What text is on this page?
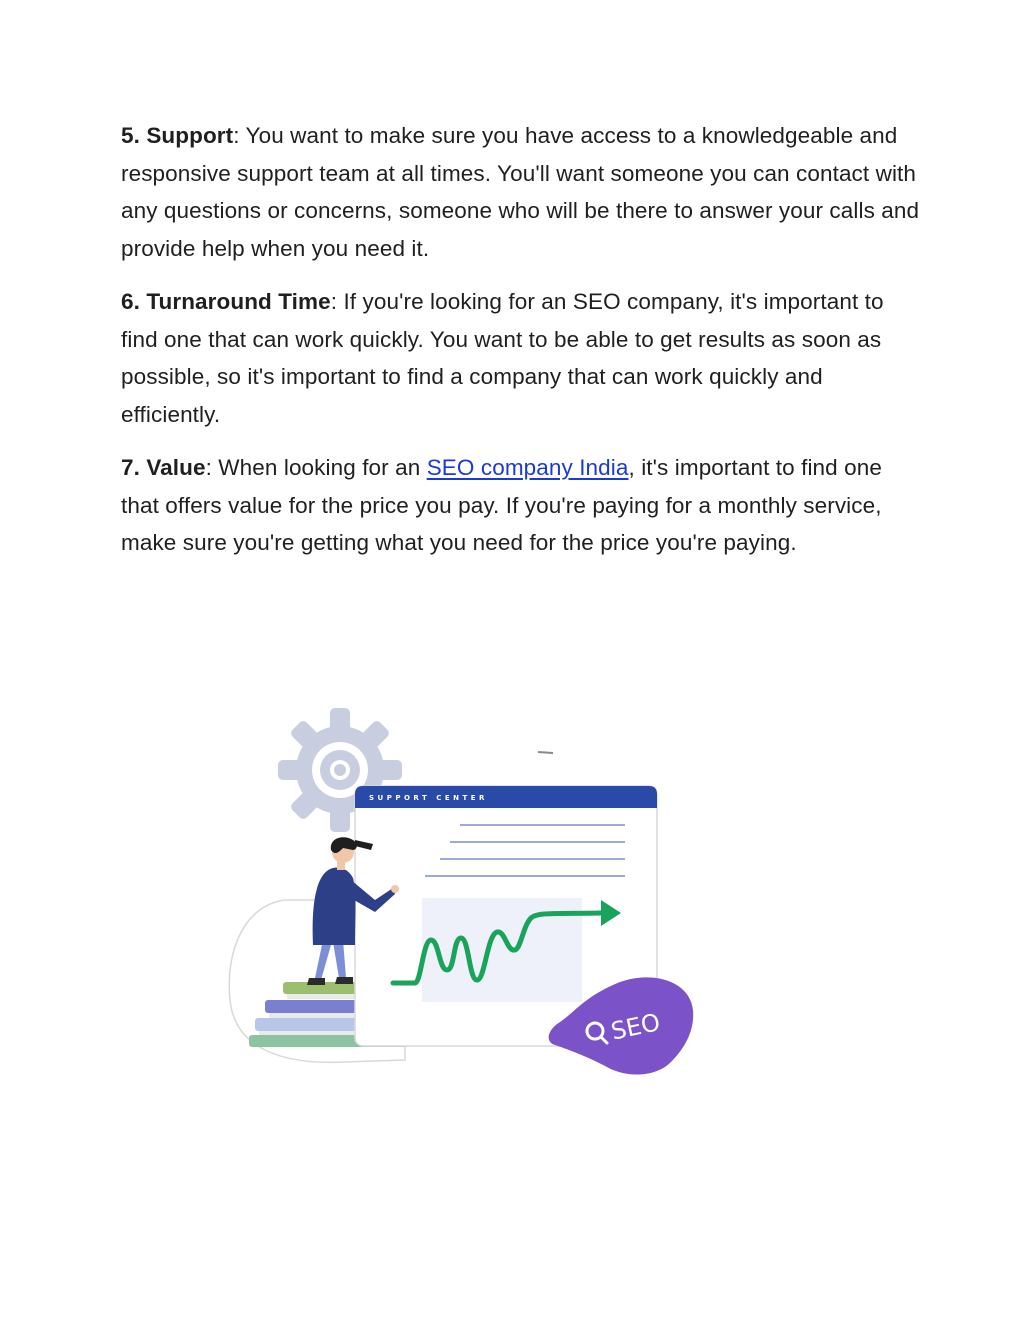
5. Support: You want to make sure you have access to a knowledgeable and responsive support team at all times. You'll want someone you can contact with any questions or concerns, someone who will be there to answer your calls and provide help when you need it.

6. Turnaround Time: If you're looking for an SEO company, it's important to find one that can work quickly. You want to be able to get results as soon as possible, so it's important to find a company that can work quickly and efficiently.

7. Value: When looking for an SEO company India, it's important to find one that offers value for the price you pay. If you're paying for a monthly service, make sure you're getting what you need for the price you're paying.

SUPPORT CENTER
SEO
